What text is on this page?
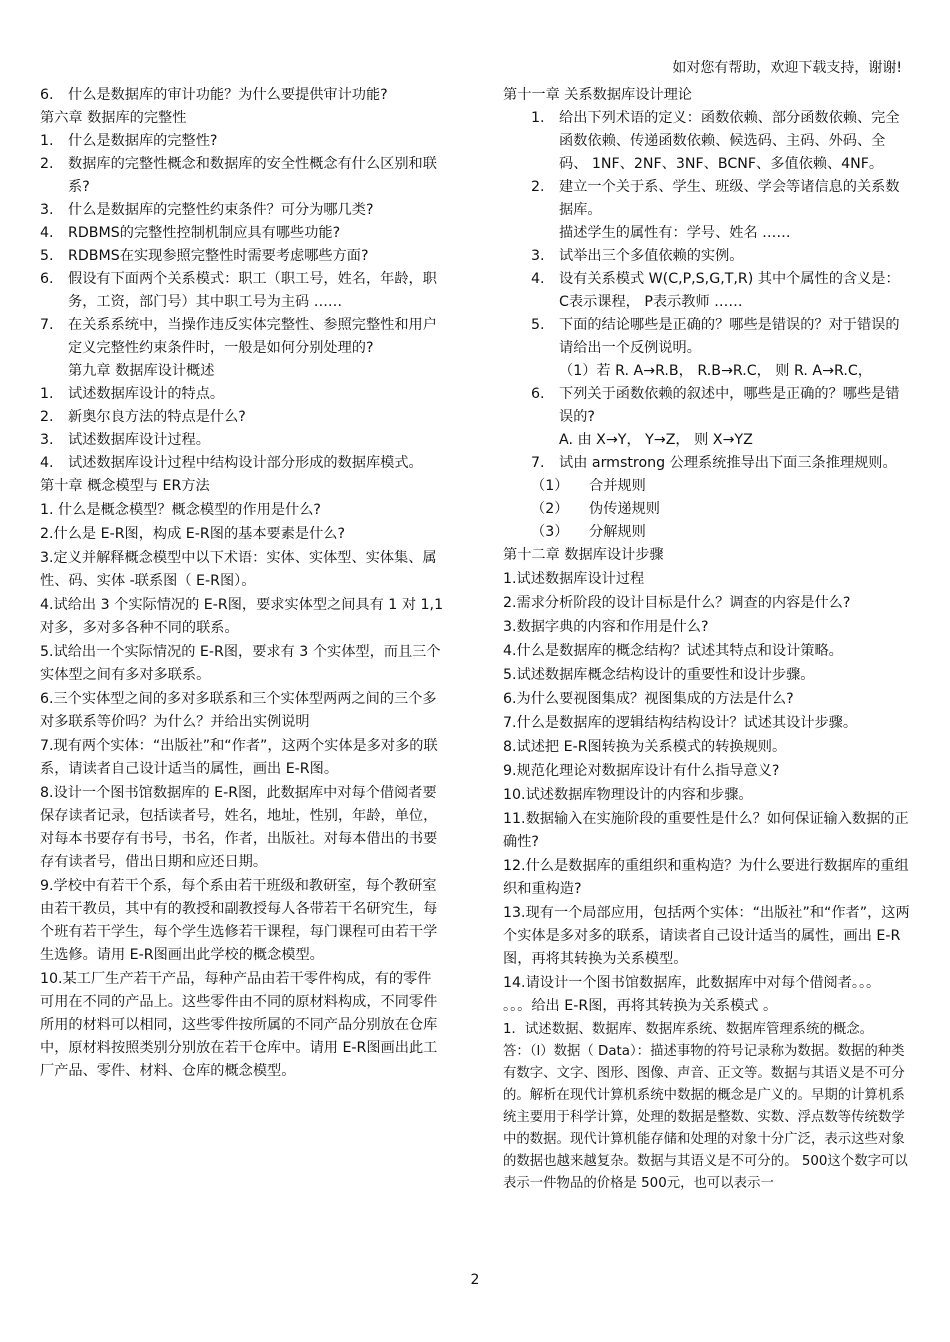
如对您有帮助，欢迎下载支持，谢谢!
6.	什么是数据库的审计功能？为什么要提供审计功能?
第六章 数据库的完整性
1.	什么是数据库的完整性?
2.	数据库的完整性概念和数据库的安全性概念有什么区别和联系?
3.	什么是数据库的完整性约束条件？可分为哪几类?
4.	RDBMS的完整性控制机制应具有哪些功能?
5.	RDBMS在实现参照完整性时需要考虑哪些方面?
6.	假设有下面两个关系模式：职工（职工号，姓名，年龄，职务，工资，部门号）其中职工号为主码 ……
7.	在关系系统中，当操作违反实体完整性、参照完整性和用户定义完整性约束条件时，一般是如何分别处理的?
第九章 数据库设计概述
1.	试述数据库设计的特点。
2.	新奥尔良方法的特点是什么?
3.	试述数据库设计过程。
4.	试述数据库设计过程中结构设计部分形成的数据库模式。
第十章 概念模型与 ER方法
1. 什么是概念模型？概念模型的作用是什么?
2.什么是 E-R图，构成 E-R图的基本要素是什么?
3.定义并解释概念模型中以下术语：实体、实体型、实体集、属性、码、实体 -联系图（ E-R图）。
4.试给出 3 个实际情况的 E-R图，要求实体型之间具有 1 对 1,1 对多，多对多各种不同的联系。
5.试给出一个实际情况的 E-R图，要求有 3 个实体型，而且三个实体型之间有多对多联系。
6.三个实体型之间的多对多联系和三个实体型两两之间的三个多对多联系等价吗？为什么？并给出实例说明
7.现有两个实体：“出版社”和“作者”，这两个实体是多对多的联系，请读者自己设计适当的属性，画出 E-R图。
8.设计一个图书馆数据库的 E-R图，此数据库中对每个借阅者要保存读者记录，包括读者号，姓名，地址，性别，年龄，单位，对每本书要存有书号，书名，作者，出版社。对每本借出的书要存有读者号，借出日期和应还日期。
9.学校中有若干个系，每个系由若干班级和教研室，每个教研室由若干教员，其中有的教授和副教授每人各带若干名研究生，每个班有若干学生，每个学生选修若干课程，每门课程可由若干学生选修。请用 E-R图画出此学校的概念模型。
10.某工厂生产若干产品，每种产品由若干零件构成，有的零件可用在不同的产品上。这些零件由不同的原材料构成，不同零件所用的材料可以相同，这些零件按所属的不同产品分别放在仓库中，原材料按照类别分别放在若干仓库中。请用 E-R图画出此工厂产品、零件、材料、仓库的概念模型。
第十一章 关系数据库设计理论
1.	给出下列术语的定义：函数依赖、部分函数依赖、完全函数依赖、传递函数依赖、候选码、主码、外码、全码、 1NF、2NF、3NF、BCNF、多值依赖、4NF。
2.	建立一个关于系、学生、班级、学会等诸信息的关系数据库。
描述学生的属性有：学号、姓名 ……
3.	试举出三个多值依赖的实例。
4.	设有关系模式 W(C,P,S,G,T,R) 其中个属性的含义是： C表示课程， P表示教师 ……
5.	下面的结论哪些是正确的？哪些是错误的？对于错误的请给出一个反例说明。
（1）若 R. A→R.B， R.B→R.C， 则 R. A→R.C，
6.	下列关于函数依赖的叙述中，哪些是正确的？哪些是错误的?
A. 由 X→Y， Y→Z， 则 X→YZ
7.	试由 armstrong 公理系统推导出下面三条推理规则。
（1）	合并规则
（2）	伪传递规则
（3）	分解规则
第十二章 数据库设计步骤
1.试述数据库设计过程
2.需求分析阶段的设计目标是什么？调查的内容是什么?
3.数据字典的内容和作用是什么?
4.什么是数据库的概念结构？试述其特点和设计策略。
5.试述数据库概念结构设计的重要性和设计步骤。
6.为什么要视图集成？视图集成的方法是什么?
7.什么是数据库的逻辑结构结构设计？试述其设计步骤。
8.试述把 E-R图转换为关系模式的转换规则。
9.规范化理论对数据库设计有什么指导意义?
10.试述数据库物理设计的内容和步骤。
11.数据输入在实施阶段的重要性是什么？如何保证输入数据的正确性?
12.什么是数据库的重组织和重构造？为什么要进行数据库的重组织和重构造?
13.现有一个局部应用，包括两个实体：“出版社”和“作者”，这两个实体是多对多的联系，请读者自己设计适当的属性，画出 E-R图，再将其转换为关系模型。
14.请设计一个图书馆数据库，此数据库中对每个借阅者。。。 。。。给出 E-R图，再将其转换为关系模式 。
1．试述数据、数据库、数据库系统、数据库管理系统的概念。
答：（l）数据（ Data）：描述事物的符号记录称为数据。数据的种类有数字、文字、图形、图像、声音、正文等。数据与其语义是不可分的。解析在现代计算机系统中数据的概念是广义的。早期的计算机系统主要用于科学计算，处理的数据是整数、实数、浮点数等传统数学中的数据。现代计算机能存储和处理的对象十分广泛，表示这些对象的数据也越来越复杂。数据与其语义是不可分的。 500这个数字可以表示一件物品的价格是 500元，也可以表示一
2
